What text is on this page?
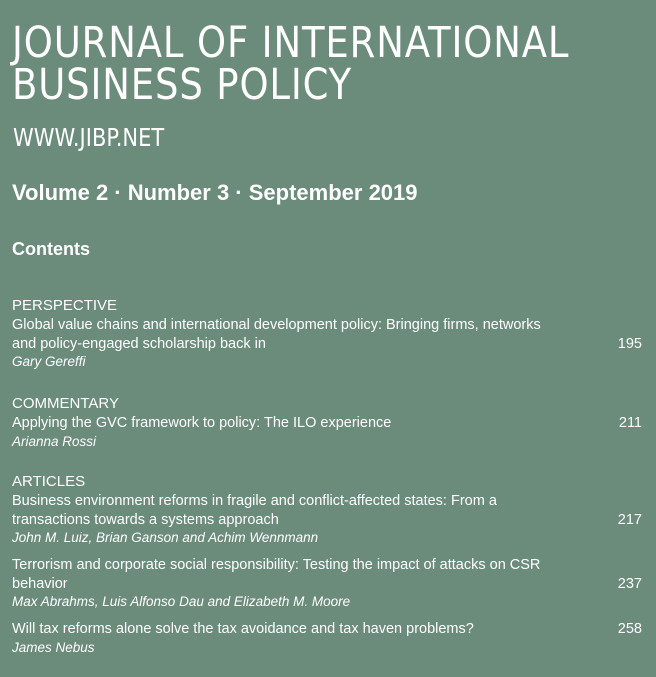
JOURNAL OF INTERNATIONAL
BUSINESS POLICY
WWW.JIBP.NET
Volume 2 · Number 3 · September 2019
Contents
PERSPECTIVE
Global value chains and international development policy: Bringing firms, networks and policy-engaged scholarship back in	195
Gary Gereffi
COMMENTARY
Applying the GVC framework to policy: The ILO experience	211
Arianna Rossi
ARTICLES
Business environment reforms in fragile and conflict-affected states: From a transactions towards a systems approach	217
John M. Luiz, Brian Ganson and Achim Wennmann
Terrorism and corporate social responsibility: Testing the impact of attacks on CSR behavior	237
Max Abrahms, Luis Alfonso Dau and Elizabeth M. Moore
Will tax reforms alone solve the tax avoidance and tax haven problems?	258
James Nebus
